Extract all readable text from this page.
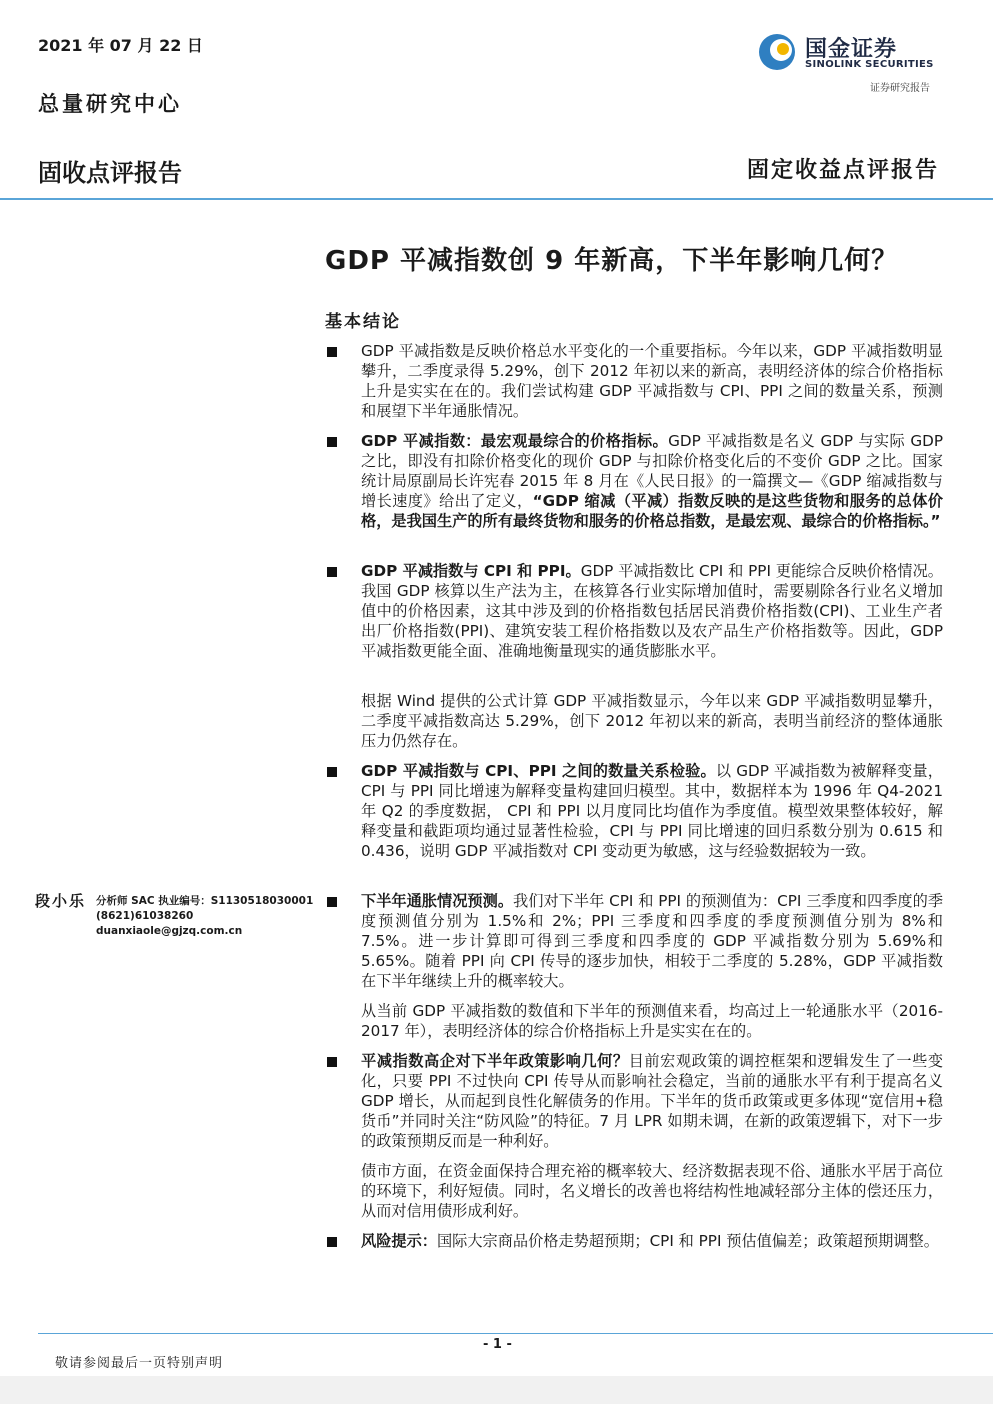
2021 年 07 月 22 日
总量研究中心
国金证券
SINOLINK SECURITIES
证券研究报告
固收点评报告	固定收益点评报告
GDP 平减指数创 9 年新高，下半年影响几何？
基本结论
GDP 平减指数是反映价格总水平变化的一个重要指标。今年以来，GDP 平减指数明显攀升，二季度录得 5.29%，创下 2012 年初以来的新高，表明经济体的综合价格指标上升是实实在在的。我们尝试构建 GDP 平减指数与 CPI、PPI 之间的数量关系，预测和展望下半年通胀情况。
GDP 平减指数：最宏观最综合的价格指标。GDP 平减指数是名义 GDP 与实际 GDP 之比，即没有扣除价格变化的现价 GDP 与扣除价格变化后的不变价 GDP 之比。国家统计局原副局长许宪春 2015 年 8 月在《人民日报》的一篇撰文—《GDP 缩减指数与增长速度》给出了定义，“GDP 缩减（平减）指数反映的是这些货物和服务的总体价格，是我国生产的所有最终货物和服务的价格总指数，是最宏观、最综合的价格指标。”
GDP 平减指数与 CPI 和 PPI。GDP 平减指数比 CPI 和 PPI 更能综合反映价格情况。我国 GDP 核算以生产法为主，在核算各行业实际增加值时，需要剔除各行业名义增加值中的价格因素，这其中涉及到的价格指数包括居民消费价格指数(CPI)、工业生产者出厂价格指数(PPI)、建筑安装工程价格指数以及农产品生产价格指数等。因此，GDP 平减指数更能全面、准确地衡量现实的通货膨胀水平。
根据 Wind 提供的公式计算 GDP 平减指数显示，今年以来 GDP 平减指数明显攀升，二季度平减指数高达 5.29%，创下 2012 年初以来的新高，表明当前经济的整体通胀压力仍然存在。
GDP 平减指数与 CPI、PPI 之间的数量关系检验。以 GDP 平减指数为被解释变量，CPI 与 PPI 同比增速为解释变量构建回归模型。其中，数据样本为 1996 年 Q4-2021 年 Q2 的季度数据， CPI 和 PPI 以月度同比均值作为季度值。模型效果整体较好，解释变量和截距项均通过显著性检验，CPI 与 PPI 同比增速的回归系数分别为 0.615 和 0.436，说明 GDP 平减指数对 CPI 变动更为敏感，这与经验数据较为一致。
下半年通胀情况预测。我们对下半年 CPI 和 PPI 的预测值为：CPI 三季度和四季度的季度预测值分别为 1.5%和 2%；PPI 三季度和四季度的季度预测值分别为 8%和 7.5%。进一步计算即可得到三季度和四季度的 GDP 平减指数分别为 5.69%和 5.65%。随着 PPI 向 CPI 传导的逐步加快，相较于二季度的 5.28%，GDP 平减指数在下半年继续上升的概率较大。
从当前 GDP 平减指数的数值和下半年的预测值来看，均高过上一轮通胀水平（2016-2017 年），表明经济体的综合价格指标上升是实实在在的。
平减指数高企对下半年政策影响几何？目前宏观政策的调控框架和逻辑发生了一些变化，只要 PPI 不过快向 CPI 传导从而影响社会稳定，当前的通胀水平有利于提高名义 GDP 增长，从而起到良性化解债务的作用。下半年的货币政策或更多体现“宽信用+稳货币”并同时关注“防风险”的特征。7 月 LPR 如期未调，在新的政策逻辑下，对下一步的政策预期反而是一种利好。
债市方面，在资金面保持合理充裕的概率较大、经济数据表现不俗、通胀水平居于高位的环境下，利好短债。同时，名义增长的改善也将结构性地减轻部分主体的偿还压力，从而对信用债形成利好。
风险提示：国际大宗商品价格走势超预期；CPI 和 PPI 预估值偏差；政策超预期调整。
段小乐 分析师 SAC 执业编号：S1130518030001
(8621)61038260
duanxiaole@gjzq.com.cn
- 1 -
敬请参阅最后一页特别声明
